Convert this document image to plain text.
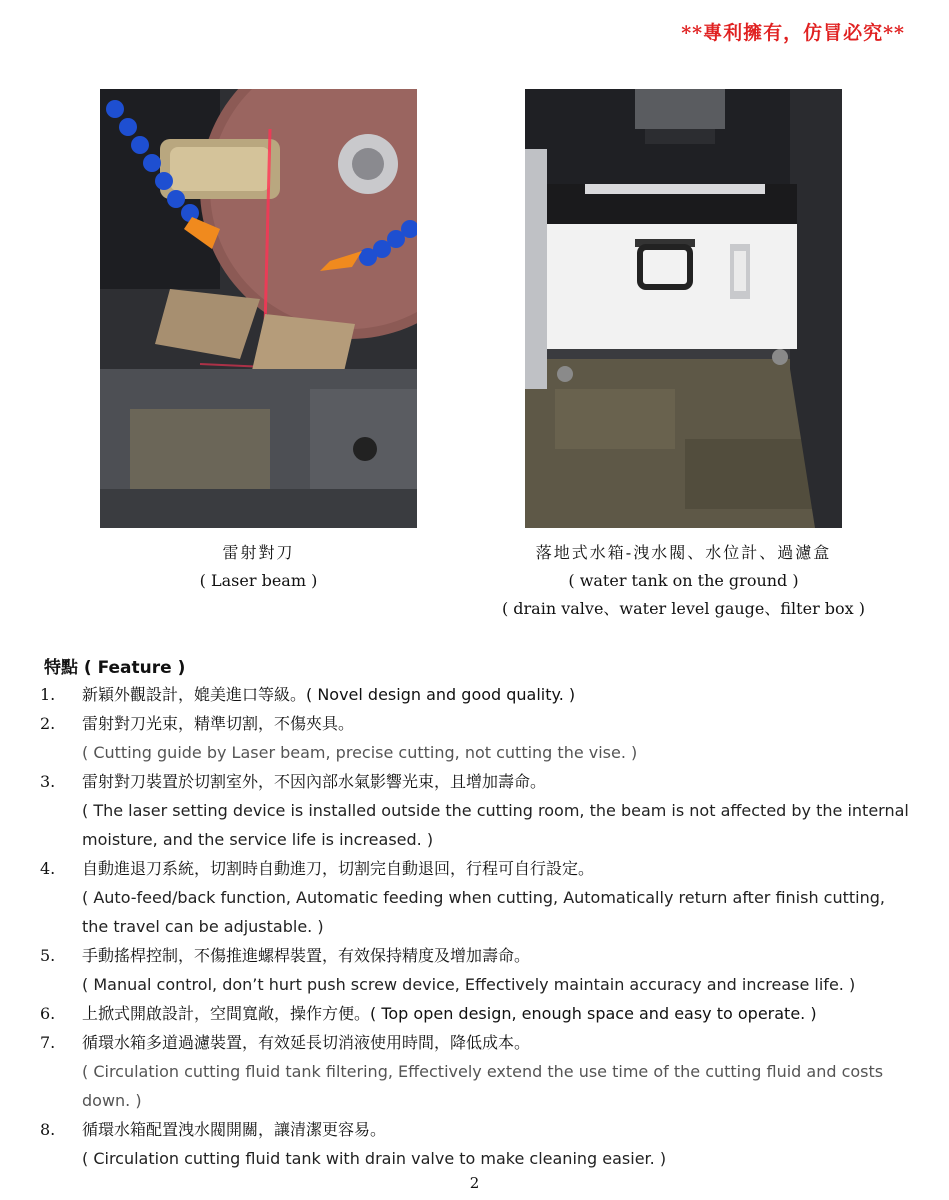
**專利擁有，仿冒必究**
雷射對刀
( Laser beam )
落地式水箱-洩水閥、水位計、過濾盒
( water tank on the ground )
( drain valve、water level gauge、filter box )
特點 ( Feature )
1. 新穎外觀設計，媲美進口等級。( Novel design and good quality. )
2. 雷射對刀光束，精準切割，不傷夾具。
( Cutting guide by Laser beam, precise cutting, not cutting the vise. )
3. 雷射對刀裝置於切割室外，不因內部水氣影響光束，且增加壽命。
( The laser setting device is installed outside the cutting room, the beam is not affected by the internal moisture, and the service life is increased. )
4. 自動進退刀系統，切割時自動進刀，切割完自動退回，行程可自行設定。
( Auto-feed/back function, Automatic feeding when cutting, Automatically return after finish cutting, the travel can be adjustable. )
5. 手動搖桿控制，不傷推進螺桿裝置，有效保持精度及增加壽命。
( Manual control, don’t hurt push screw device, Effectively maintain accuracy and increase life. )
6. 上掀式開啟設計，空間寬敞，操作方便。( Top open design, enough space and easy to operate. )
7. 循環水箱多道過濾裝置，有效延長切消液使用時間，降低成本。
( Circulation cutting fluid tank filtering, Effectively extend the use time of the cutting fluid and costs down. )
8. 循環水箱配置洩水閥開關，讓清潔更容易。
( Circulation cutting fluid tank with drain valve to make cleaning easier. )
2
